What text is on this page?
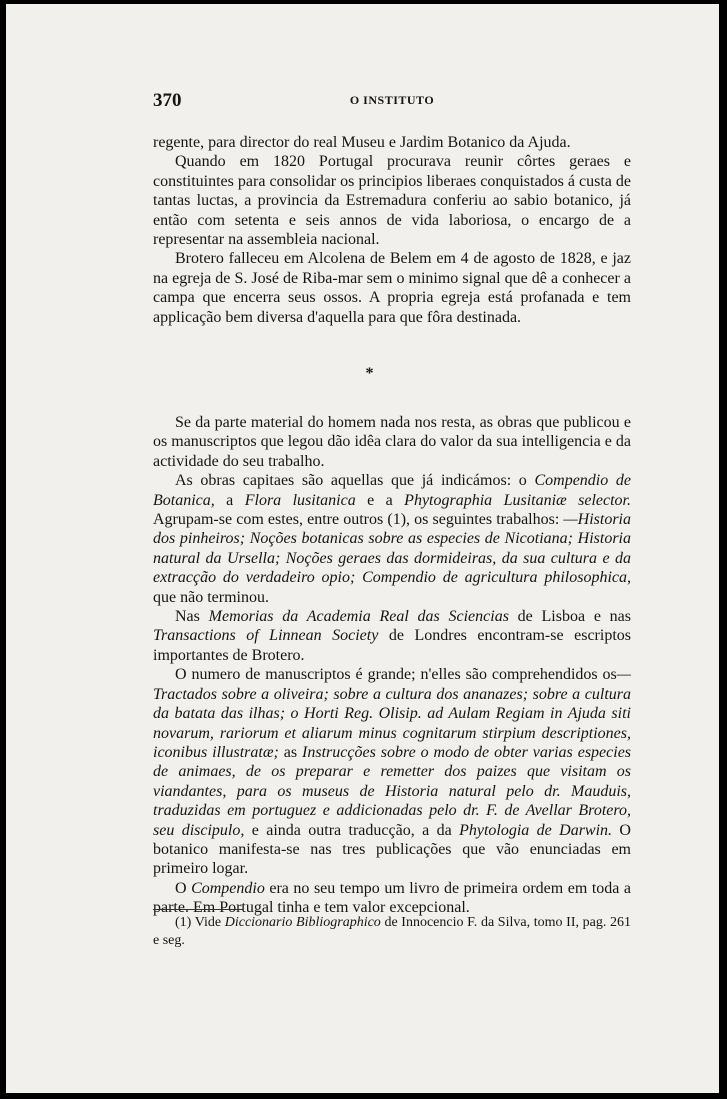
370	O INSTITUTO

regente, para director do real Museu e Jardim Botanico da Ajuda.

Quando em 1820 Portugal procurava reunir côrtes geraes e constituintes para consolidar os principios liberaes conquistados á custa de tantas luctas, a provincia da Estremadura conferiu ao sabio botanico, já então com setenta e seis annos de vida laboriosa, o encargo de a representar na assembleia nacional.

Brotero falleceu em Alcolena de Belem em 4 de agosto de 1828, e jaz na egreja de S. José de Riba-mar sem o minimo signal que dê a conhecer a campa que encerra seus ossos. A propria egreja está profanada e tem applicação bem diversa d'aquella para que fôra destinada.

*

Se da parte material do homem nada nos resta, as obras que publicou e os manuscriptos que legou dão idêa clara do valor da sua intelligencia e da actividade do seu trabalho.

As obras capitaes são aquellas que já indicámos: o Compendio de Botanica, a Flora lusitanica e a Phytographia Lusitaniæ selector. Agrupam-se com estes, entre outros (1), os seguintes trabalhos: —Historia dos pinheiros; Noções botanicas sobre as especies de Nicotiana; Historia natural da Ursella; Noções geraes das dormideiras, da sua cultura e da extracção do verdadeiro opio; Compendio de agricultura philosophica, que não terminou.

Nas Memorias da Academia Real das Sciencias de Lisboa e nas Transactions of Linnean Society de Londres encontram-se escriptos importantes de Brotero.

O numero de manuscriptos é grande; n'elles são comprehendidos os—Tractados sobre a oliveira; sobre a cultura dos ananazes; sobre a cultura da batata das ilhas; o Horti Reg. Olisip. ad Aulam Regiam in Ajuda siti novarum, rariorum et aliarum minus cognitarum stirpium descriptiones, iconibus illustratæ; as Instrucções sobre o modo de obter varias especies de animaes, de os preparar e remetter dos paizes que visitam os viandantes, para os museus de Historia natural pelo dr. Mauduis, traduzidas em portuguez e addicionadas pelo dr. F. de Avellar Brotero, seu discipulo, e ainda outra traducção, a da Phytologia de Darwin. O botanico manifesta-se nas tres publicações que vão enunciadas em primeiro logar.

O Compendio era no seu tempo um livro de primeira ordem em toda a parte. Em Portugal tinha e tem valor excepcional.

(1) Vide Diccionario Bibliographico de Innocencio F. da Silva, tomo II, pag. 261 e seg.
